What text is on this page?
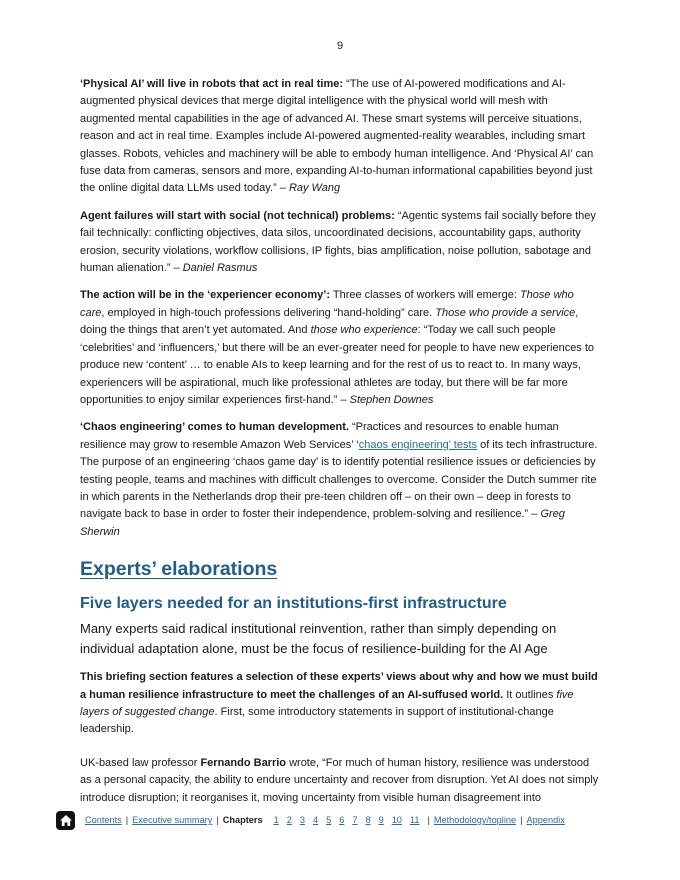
9

‘Physical AI’ will live in robots that act in real time: “The use of AI-powered modifications and AI-augmented physical devices that merge digital intelligence with the physical world will mesh with augmented mental capabilities in the age of advanced AI. These smart systems will perceive situations, reason and act in real time. Examples include AI-powered augmented-reality wearables, including smart glasses. Robots, vehicles and machinery will be able to embody human intelligence. And ‘Physical AI’ can fuse data from cameras, sensors and more, expanding AI-to-human informational capabilities beyond just the online digital data LLMs used today.” – Ray Wang

Agent failures will start with social (not technical) problems: “Agentic systems fail socially before they fail technically: conflicting objectives, data silos, uncoordinated decisions, accountability gaps, authority erosion, security violations, workflow collisions, IP fights, bias amplification, noise pollution, sabotage and human alienation.” – Daniel Rasmus

The action will be in the ‘experiencer economy’: Three classes of workers will emerge: Those who care, employed in high-touch professions delivering “hand-holding” care. Those who provide a service, doing the things that aren’t yet automated. And those who experience: “Today we call such people ‘celebrities’ and ‘influencers,’ but there will be an ever-greater need for people to have new experiences to produce new ‘content’ … to enable AIs to keep learning and for the rest of us to react to. In many ways, experiencers will be aspirational, much like professional athletes are today, but there will be far more opportunities to enjoy similar experiences first-hand.” – Stephen Downes

‘Chaos engineering’ comes to human development. “Practices and resources to enable human resilience may grow to resemble Amazon Web Services’ ‘chaos engineering’ tests of its tech infrastructure. The purpose of an engineering ‘chaos game day’ is to identify potential resilience issues or deficiencies by testing people, teams and machines with difficult challenges to overcome. Consider the Dutch summer rite in which parents in the Netherlands drop their pre-teen children off – on their own – deep in forests to navigate back to base in order to foster their independence, problem-solving and resilience.” – Greg Sherwin

Experts’ elaborations
Five layers needed for an institutions-first infrastructure

Many experts said radical institutional reinvention, rather than simply depending on individual adaptation alone, must be the focus of resilience-building for the AI Age

This briefing section features a selection of these experts’ views about why and how we must build a human resilience infrastructure to meet the challenges of an AI-suffused world. It outlines five layers of suggested change. First, some introductory statements in support of institutional-change leadership.

UK-based law professor Fernando Barrio wrote, “For much of human history, resilience was understood as a personal capacity, the ability to endure uncertainty and recover from disruption. Yet AI does not simply introduce disruption; it reorganises it, moving uncertainty from visible human disagreement into

Contents | Executive summary | Chapters	1 2 3 4 5 6 7 8 9 10 11 | Methodology/topline | Appendix
